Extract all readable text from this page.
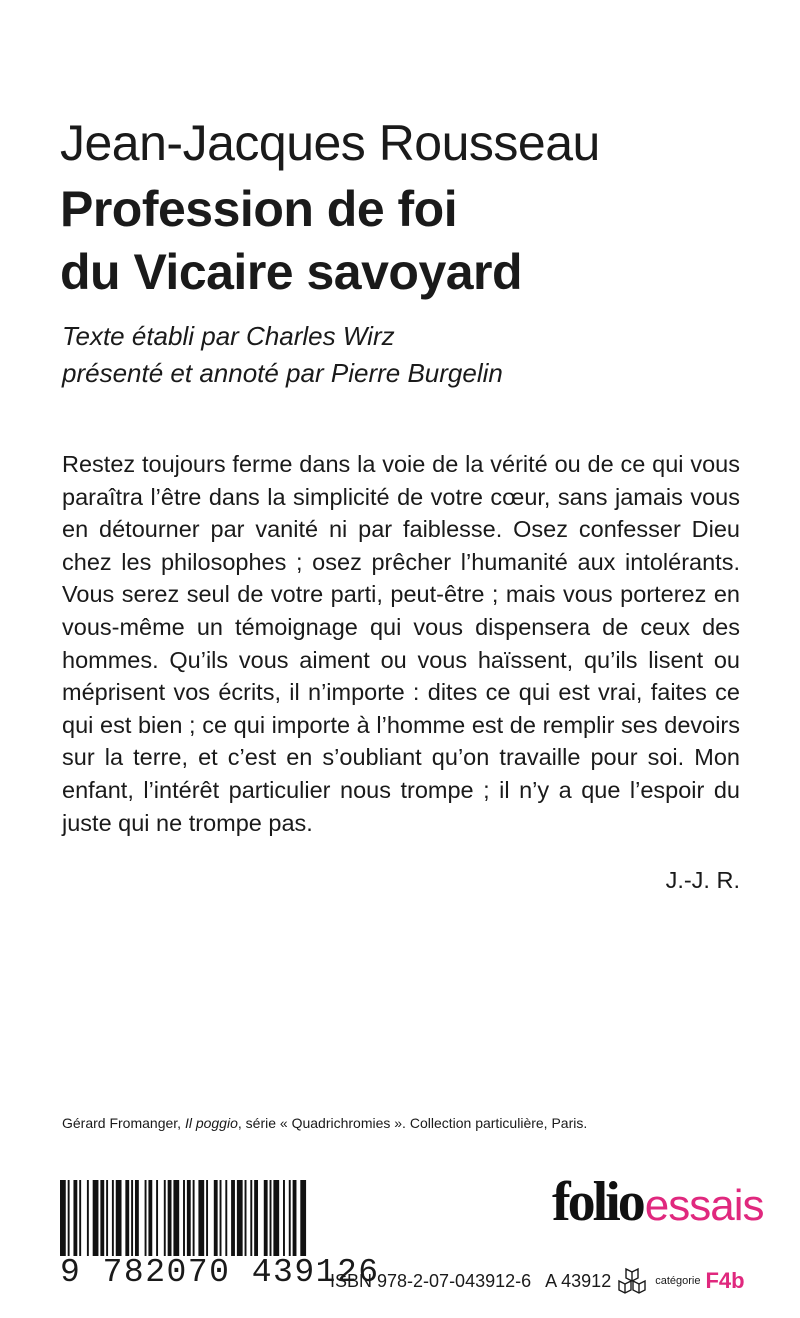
Jean-Jacques Rousseau
Profession de foi
du Vicaire savoyard
Texte établi par Charles Wirz
présenté et annoté par Pierre Burgelin

Restez toujours ferme dans la voie de la vérité ou de ce qui vous paraîtra l’être dans la simplicité de votre cœur, sans jamais vous en détourner par vanité ni par faiblesse. Osez confesser Dieu chez les philosophes ; osez prêcher l’humanité aux intolérants. Vous serez seul de votre parti, peut-être ; mais vous porterez en vous-même un témoignage qui vous dispensera de ceux des hommes. Qu’ils vous aiment ou vous haïssent, qu’ils lisent ou méprisent vos écrits, il n’importe : dites ce qui est vrai, faites ce qui est bien ; ce qui importe à l’homme est de remplir ses devoirs sur la terre, et c’est en s’oubliant qu’on travaille pour soi. Mon enfant, l’intérêt particulier nous trompe ; il n’y a que l’espoir du juste qui ne trompe pas.

J.-J. R.
Gérard Fromanger, Il poggio, série « Quadrichromies ». Collection particulière, Paris.
9 782070 439126
folioessais
ISBN 978-2-07-043912-6 A 43912	catégorie F4b
